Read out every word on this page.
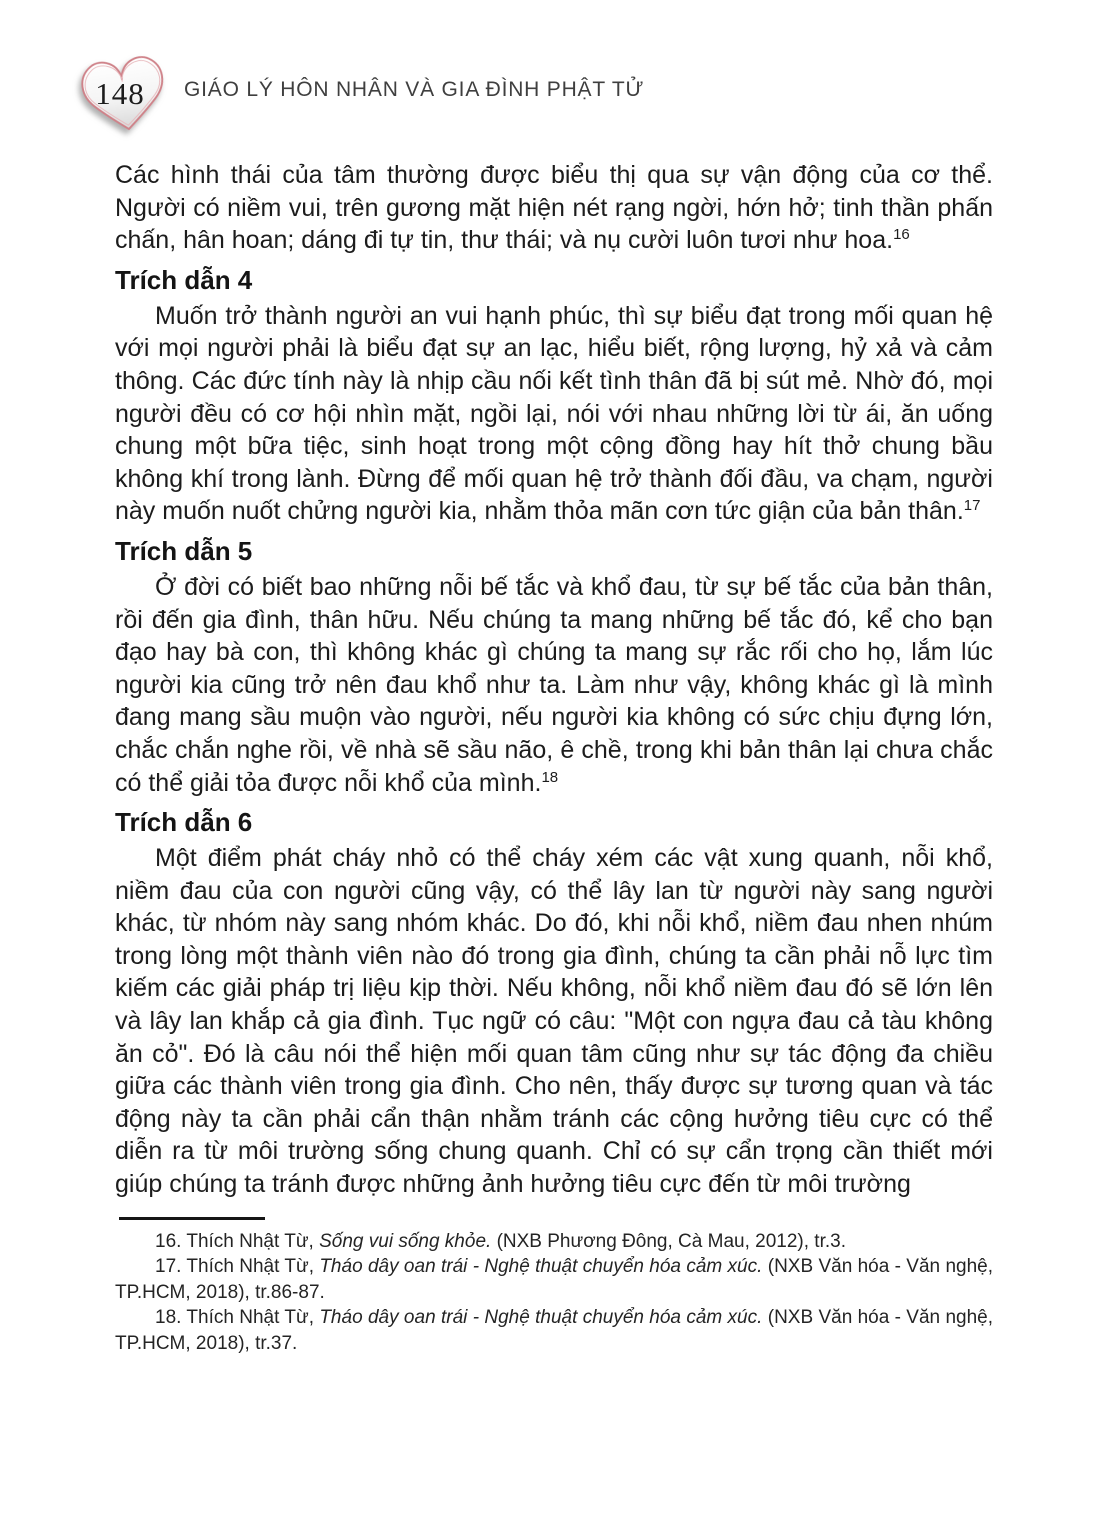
148	GIÁO LÝ HÔN NHÂN VÀ GIA ĐÌNH PHẬT TỬ

Các hình thái của tâm thường được biểu thị qua sự vận động của cơ thể. Người có niềm vui, trên gương mặt hiện nét rạng ngời, hớn hở; tinh thần phấn chấn, hân hoan; dáng đi tự tin, thư thái; và nụ cười luôn tươi như hoa.$^{16}$

Trích dẫn 4

Muốn trở thành người an vui hạnh phúc, thì sự biểu đạt trong mối quan hệ với mọi người phải là biểu đạt sự an lạc, hiểu biết, rộng lượng, hỷ xả và cảm thông. Các đức tính này là nhịp cầu nối kết tình thân đã bị sút mẻ. Nhờ đó, mọi người đều có cơ hội nhìn mặt, ngồi lại, nói với nhau những lời từ ái, ăn uống chung một bữa tiệc, sinh hoạt trong một cộng đồng hay hít thở chung bầu không khí trong lành. Đừng để mối quan hệ trở thành đối đầu, va chạm, người này muốn nuốt chửng người kia, nhằm thỏa mãn cơn tức giận của bản thân.$^{17}$

Trích dẫn 5

Ở đời có biết bao những nỗi bế tắc và khổ đau, từ sự bế tắc của bản thân, rồi đến gia đình, thân hữu. Nếu chúng ta mang những bế tắc đó, kể cho bạn đạo hay bà con, thì không khác gì chúng ta mang sự rắc rối cho họ, lắm lúc người kia cũng trở nên đau khổ như ta. Làm như vậy, không khác gì là mình đang mang sầu muộn vào người, nếu người kia không có sức chịu đựng lớn, chắc chắn nghe rồi, về nhà sẽ sầu não, ê chề, trong khi bản thân lại chưa chắc có thể giải tỏa được nỗi khổ của mình.$^{18}$

Trích dẫn 6

Một điểm phát cháy nhỏ có thể cháy xém các vật xung quanh, nỗi khổ, niềm đau của con người cũng vậy, có thể lây lan từ người này sang người khác, từ nhóm này sang nhóm khác. Do đó, khi nỗi khổ, niềm đau nhen nhúm trong lòng một thành viên nào đó trong gia đình, chúng ta cần phải nỗ lực tìm kiếm các giải pháp trị liệu kịp thời. Nếu không, nỗi khổ niềm đau đó sẽ lớn lên và lây lan khắp cả gia đình. Tục ngữ có câu: "Một con ngựa đau cả tàu không ăn cỏ". Đó là câu nói thể hiện mối quan tâm cũng như sự tác động đa chiều giữa các thành viên trong gia đình. Cho nên, thấy được sự tương quan và tác động này ta cần phải cẩn thận nhằm tránh các cộng hưởng tiêu cực có thể diễn ra từ môi trường sống chung quanh. Chỉ có sự cẩn trọng cần thiết mới giúp chúng ta tránh được những ảnh hưởng tiêu cực đến từ môi trường

16. Thích Nhật Từ, Sống vui sống khỏe. (NXB Phương Đông, Cà Mau, 2012), tr.3.
17. Thích Nhật Từ, Tháo dây oan trái - Nghệ thuật chuyển hóa cảm xúc. (NXB Văn hóa - Văn nghệ, TP.HCM, 2018), tr.86-87.
18. Thích Nhật Từ, Tháo dây oan trái - Nghệ thuật chuyển hóa cảm xúc. (NXB Văn hóa - Văn nghệ, TP.HCM, 2018), tr.37.
